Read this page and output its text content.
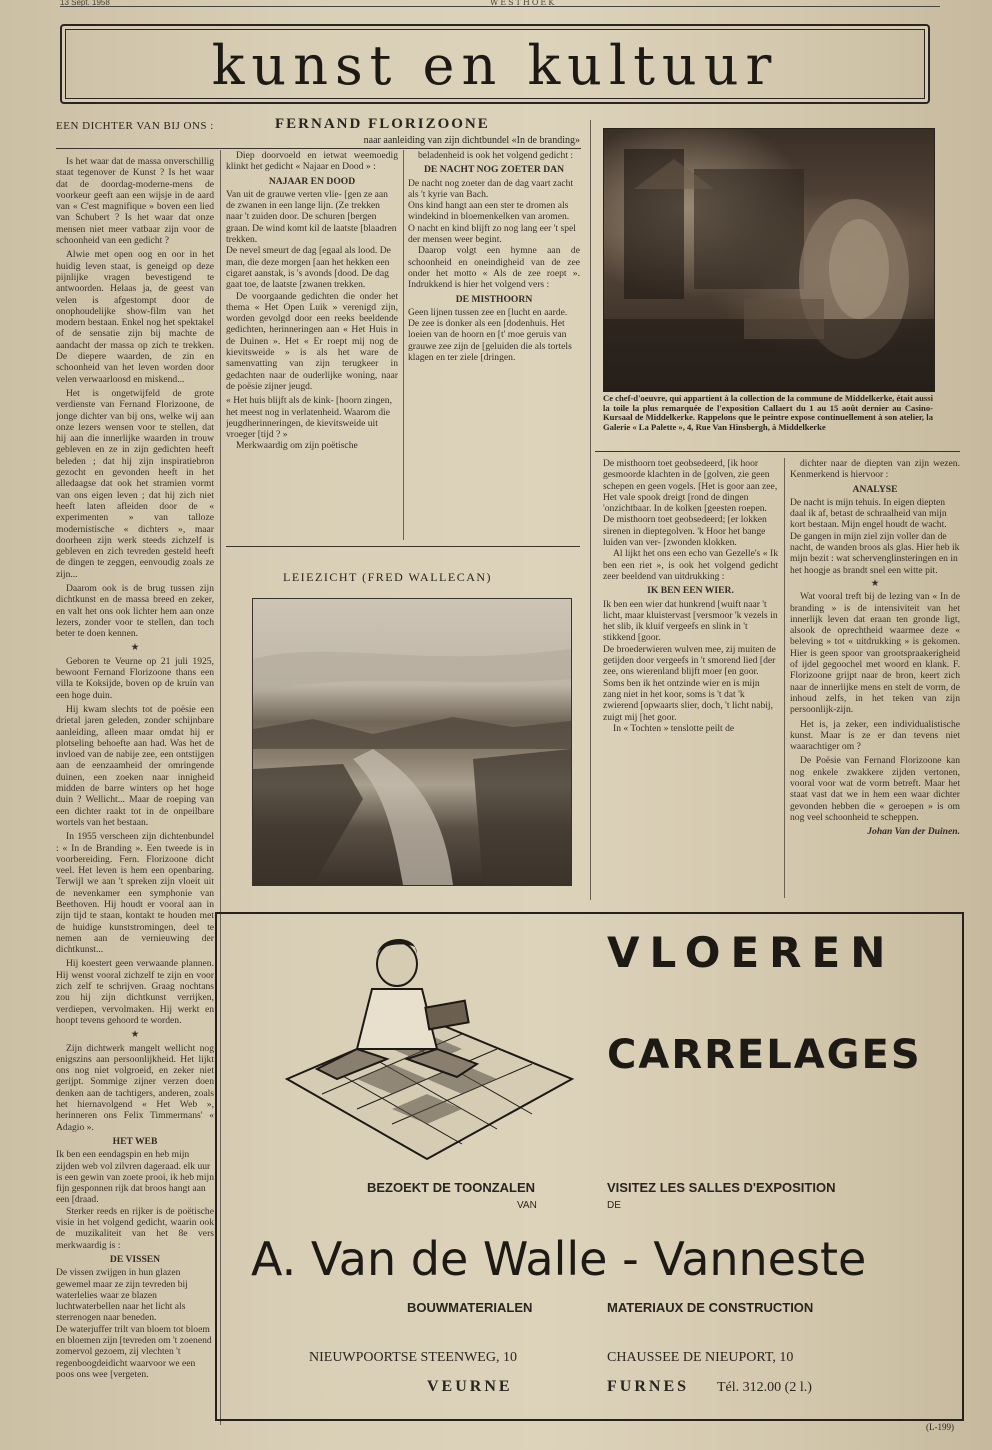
13 Sept. 1958	WESTHOEK
kunst en kultuur
EEN DICHTER VAN BIJ ONS :	FERNAND FLORIZOONE
naar aanleiding van zijn dichtbundel «In de branding»

Is het waar dat de massa onverschillig staat tegenover de Kunst ? Is het waar dat de doordag-moderne-mens de voorkeur geeft aan een wijsje in de aard van « C'est magnifique » boven een lied van Schubert ? Is het waar dat onze mensen niet meer vatbaar zijn voor de schoonheid van een gedicht ?

Alwie met open oog en oor in het huidig leven staat, is geneigd op deze pijnlijke vragen bevestigend te antwoorden. Helaas ja, de geest van velen is afgestompt door de onophoudelijke show-film van het modern bestaan. Enkel nog het spektakel of de sensatie zijn bij machte de aandacht der massa op zich te trekken. De diepere waarden, de zin en schoonheid van het leven worden door velen verwaarloosd en miskend...

Het is ongetwijfeld de grote verdienste van Fernand Florizoone, de jonge dichter van bij ons, welke wij aan onze lezers wensen voor te stellen, dat hij aan die innerlijke waarden in trouw gebleven en ze in zijn gedichten heeft beleden ; dat hij zijn inspiratiebron gezocht en gevonden heeft in het alledaagse dat ook het stramien vormt van ons eigen leven ; dat hij zich niet heeft laten afleiden door de « experimenten » van talloze modernistische « dichters », maar doorheen zijn werk steeds zichzelf is gebleven en zich tevreden gesteld heeft de dingen te zeggen, eenvoudig zoals ze zijn...

Daarom ook is de brug tussen zijn dichtkunst en de massa breed en zeker, en valt het ons ook lichter hem aan onze lezers, zonder voor te stellen, dan toch beter te doen kennen.

★

Geboren te Veurne op 21 juli 1925, bewoont Fernand Florizoone thans een villa te Koksijde, boven op de kruin van een hoge duin.

Hij kwam slechts tot de poësie een drietal jaren geleden, zonder schijnbare aanleiding, alleen maar omdat hij er plotseling behoefte aan had. Was het de invloed van de nabije zee, een ontstijgen aan de eenzaamheid der omringende duinen, een zoeken naar innigheid midden de barre winters op het hoge duin ? Wellicht... Maar de roeping van een dichter raakt tot in de onpeilbare wortels van het bestaan.

In 1955 verscheen zijn dichtenbundel : « In de Branding ». Een tweede is in voorbereiding. Fern. Florizoone dicht veel. Het leven is hem een openbaring. Terwijl we aan 't spreken zijn vloeit uit de nevenkamer een symphonie van Beethoven. Hij houdt er vooral aan in zijn tijd te staan, kontakt te houden met de huidige kunststromingen, deel te nemen aan de vernieuwing der dichtkunst...

Hij koestert geen verwaande plannen. Hij wenst vooral zichzelf te zijn en voor zich zelf te schrijven. Graag nochtans zou hij zijn dichtkunst verrijken, verdiepen, vervolmaken. Hij werkt en hoopt tevens gehoord te worden.

★

Zijn dichtwerk mangelt wellicht nog enigszins aan persoonlijkheid. Het lijkt ons nog niet volgroeid, en zeker niet gerijpt. Sommige zijner verzen doen denken aan de tachtigers, anderen, zoals het hiernavolgend « Het Web », herinneren ons Felix Timmermans' « Adagio ».

HET WEB

Ik ben een eendagspin en heb mijn zijden web vol zilvren dageraad. elk uur is een gewin van zoete prooi, ik heb mijn fijn gesponnen rijk dat broos hangt aan een [draad.

Sterker reeds en rijker is de poëtische visie in het volgend gedicht, waarin ook de muzikaliteit van het 8e vers merkwaardig is :

DE VISSEN

De vissen zwijgen in hun glazen gewemel maar ze zijn tevreden bij waterlelies waar ze blazen luchtwaterbellen naar het licht als sterrenogen naar beneden.

De waterjuffer trilt van bloem tot bloem en bloemen zijn [tevreden om 't zoenend zomervol gezoem, zij vlechten 't regenboogdeidicht waarvoor we een poos ons wee [vergeten.

Diep doorvoeld en ietwat weemoedig klinkt het gedicht « Najaar en Dood » :

NAJAAR EN DOOD

Van uit de grauwe verten vlie- [gen ze aan de zwanen in een lange lijn. (Ze trekken naar 't zuiden door. De schuren [bergen graan. De wind komt kil de laatste [blaadren trekken.

De nevel smeurt de dag [egaal als lood. De man, die deze morgen [aan het hekken een cigaret aanstak, is 's avonds [dood. De dag gaat toe, de laatste [zwanen trekken.

De voorgaande gedichten die onder het thema « Het Open Luik » verenigd zijn, worden gevolgd door een reeks beeldende gedichten, herinneringen aan « Het Huis in de Duinen ». Het « Er roept mij nog de kievitsweide » is als het ware de samenvatting van zijn terugkeer in gedachten naar de ouderlijke woning, naar de poësie zijner jeugd.

« Het huis blijft als de kink- [hoorn zingen, het meest nog in verlatenheid. Waarom die jeugdherinneringen, de kievitsweide uit vroeger [tijd ? »

Merkwaardig om zijn poëtische

beladenheid is ook het volgend gedicht :

DE NACHT NOG ZOETER DAN

De nacht nog zoeter dan de dag vaart zacht als 't kyrie van Bach.

Ons kind hangt aan een ster te dromen als windekind in bloemenkelken van aromen.

O nacht en kind blijft zo nog lang eer 't spel der mensen weer begint.

Daarop volgt een hymne aan de schoonheid en oneindigheid van de zee onder het motto « Als de zee roept ». Indrukkend is hier het volgend vers :

DE MISTHOORN

Geen lijnen tussen zee en [lucht en aarde. De zee is donker als een [dodenhuis. Het loeien van de hoorn en [t' moe geruis van grauwe zee zijn de [geluiden die als tortels klagen en ter ziele [dringen.

Ce chef-d'oeuvre, qui appartient à la collection de la commune de Middelkerke, était aussi la toile la plus remarquée de l'exposition Callaert du 1 au 15 août dernier au Casino-Kursaal de Middelkerke. Rappelons que le peintre expose continuellement à son atelier, la Galerie « La Palette », 4, Rue Van Hinsbergh, à Middelkerke

De misthoorn toet geobsedeerd, [ik hoor gesmoorde klachten in de [golven, zie geen schepen en geen vogels. [Het is goor aan zee, Het vale spook dreigt [rond de dingen 'onzichtbaar. In de kolken [geesten roepen. De misthoorn toet geobsedeerd; [er lokken sirenen in dieptegolven. 'k Hoor het bange luiden van ver- [zwonden klokken.

Al lijkt het ons een echo van Gezelle's « Ik ben een riet », is ook het volgend gedicht zeer beeldend van uitdrukking :

IK BEN EEN WIER.

Ik ben een wier dat hunkrend [wuift naar 't licht, maar kluistervast [versmoor 'k vezels in het slib, ik kluif vergeefs en slink in 't stikkend [goor.

De broederwieren wulven mee, zij muiten de getijden door vergeefs in 't smorend lied [der zee, ons wierenland blijft moer [en goor. Soms ben ik het ontzinde wier en is mijn zang niet in het koor, soms is 't dat 'k zwierend [opwaarts slier, doch, 't licht nabij, zuigt mij [het goor.

In « Tochten » tenslotte peilt de

dichter naar de diepten van zijn wezen. Kenmerkend is hiervoor :

ANALYSE

De nacht is mijn tehuis. In eigen diepten daal ik af, betast de schraalheid van mijn kort bestaan. Mijn engel houdt de wacht. De gangen in mijn ziel zijn voller dan de nacht, de wanden broos als glas. Hier heb ik mijn bezit : wat schervenglinsteringen en in het hoogje as brandt snel een witte pit.

★

Wat vooral treft bij de lezing van « In de branding » is de intensiviteit van het innerlijk leven dat eraan ten gronde ligt, alsook de oprechtheid waarmee deze « beleving » tot « uitdrukking » is gekomen. Hier is geen spoor van grootspraakerigheid of ijdel gegoochel met woord en klank. F. Florizoone grijpt naar de bron, keert zich naar de innerlijke mens en stelt de vorm, de inhoud zelfs, in het teken van zijn persoonlijk-zijn.

Het is, ja zeker, een individualistische kunst. Maar is ze er dan tevens niet waarachtiger om ?

De Poësie van Fernand Florizoone kan nog enkele zwakkere zijden vertonen, vooral voor wat de vorm betreft. Maar het staat vast dat we in hem een waar dichter gevonden hebben die « geroepen » is om nog veel schoonheid te scheppen.

Johan Van der Duinen.

LEIEZICHT (FRED WALLECAN)
VLOEREN
CARRELAGES
BEZOEKT DE TOONZALEN
VAN
VISITEZ LES SALLES D'EXPOSITION
DE
A. Van de Walle - Vanneste
BOUWMATERIALEN	MATERIAUX DE CONSTRUCTION
NIEUWPOORTSE STEENWEG, 10	CHAUSSEE DE NIEUPORT, 10
VEURNE	FURNES Tél. 312.00 (2 l.)
(L-199)
